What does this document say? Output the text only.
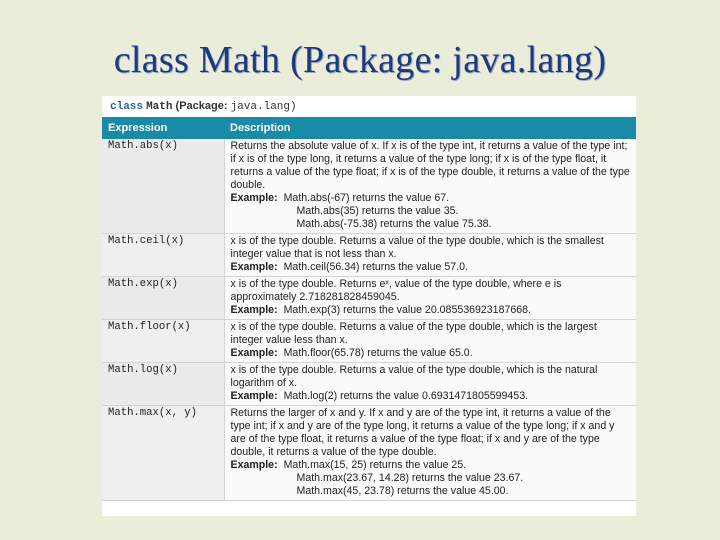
class Math (Package: java.lang)
class Math (Package: java.lang)
Expression	Description
Math.abs(x)	Returns the absolute value of x. If x is of the type int, it returns a value of the type int; if x is of the type long, it returns a value of the type long; if x is of the type float, it returns a value of the type float; if x is of the type double, it returns a value of the type double.
Example: Math.abs(-67) returns the value 67.
Math.abs(35) returns the value 35.
Math.abs(-75.38) returns the value 75.38.

Math.ceil(x)	x is of the type double. Returns a value of the type double, which is the smallest integer value that is not less than x.
Example: Math.ceil(56.34) returns the value 57.0.
Math.exp(x)	x is of the type double. Returns eˣ, value of the type double, where e is approximately 2.718281828459045.
Example: Math.exp(3) returns the value 20.085536923187668.
Math.floor(x)	x is of the type double. Returns a value of the type double, which is the largest integer value less than x.
Example: Math.floor(65.78) returns the value 65.0.
Math.log(x)	x is of the type double. Returns a value of the type double, which is the natural logarithm of x.
Example: Math.log(2) returns the value 0.6931471805599453.
Math.max(x, y)	Returns the larger of x and y. If x and y are of the type int, it returns a value of the type int; if x and y are of the type long, it returns a value of the type long; if x and y are of the type float, it returns a value of the type float; if x and y are of the type double, it returns a value of the type double.
Example: Math.max(15, 25) returns the value 25.
Math.max(23.67, 14.28) returns the value 23.67.
Math.max(45, 23.78) returns the value 45.00.
